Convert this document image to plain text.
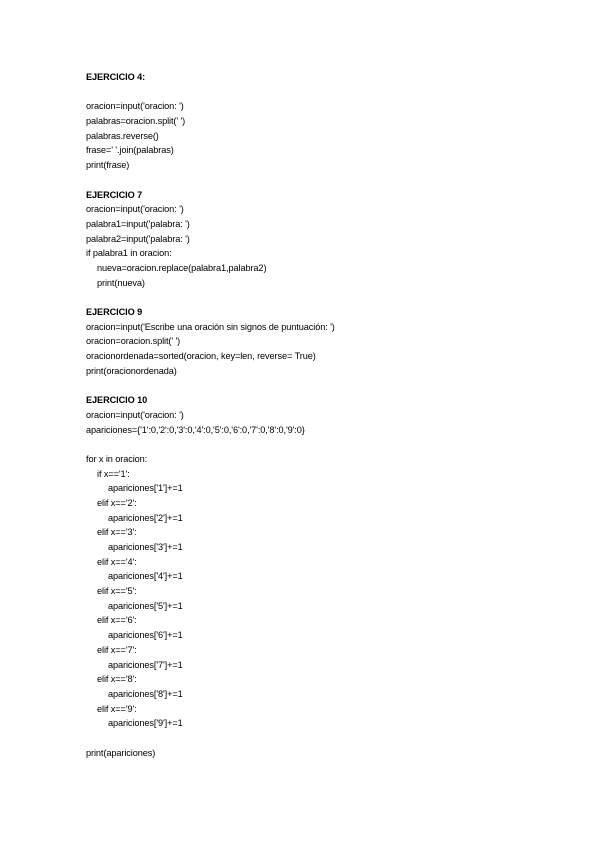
EJERCICIO 4:
oracion=input('oracion: ')
palabras=oracion.split(' ')
palabras.reverse()
frase=' '.join(palabras)
print(frase)
EJERCICIO 7
oracion=input('oracion: ')
palabra1=input('palabra: ')
palabra2=input('palabra: ')
if palabra1 in oracion:
nueva=oracion.replace(palabra1,palabra2)
print(nueva)
EJERCICIO 9
oracion=input('Escribe una oración sin signos de puntuación: ')
oracion=oracion.split(' ')
oracionordenada=sorted(oracion, key=len, reverse= True)
print(oracionordenada)
EJERCICIO 10
oracion=input('oracion: ')
apariciones={'1':0,'2':0,'3':0,'4':0,'5':0,'6':0,'7':0,'8':0,'9':0}
for x in oracion:
if x=='1':
apariciones['1']+=1
elif x=='2':
apariciones['2']+=1
elif x=='3':
apariciones['3']+=1
elif x=='4':
apariciones['4']+=1
elif x=='5':
apariciones['5']+=1
elif x=='6':
apariciones['6']+=1
elif x=='7':
apariciones['7']+=1
elif x=='8':
apariciones['8']+=1
elif x=='9':
apariciones['9']+=1
print(apariciones)
